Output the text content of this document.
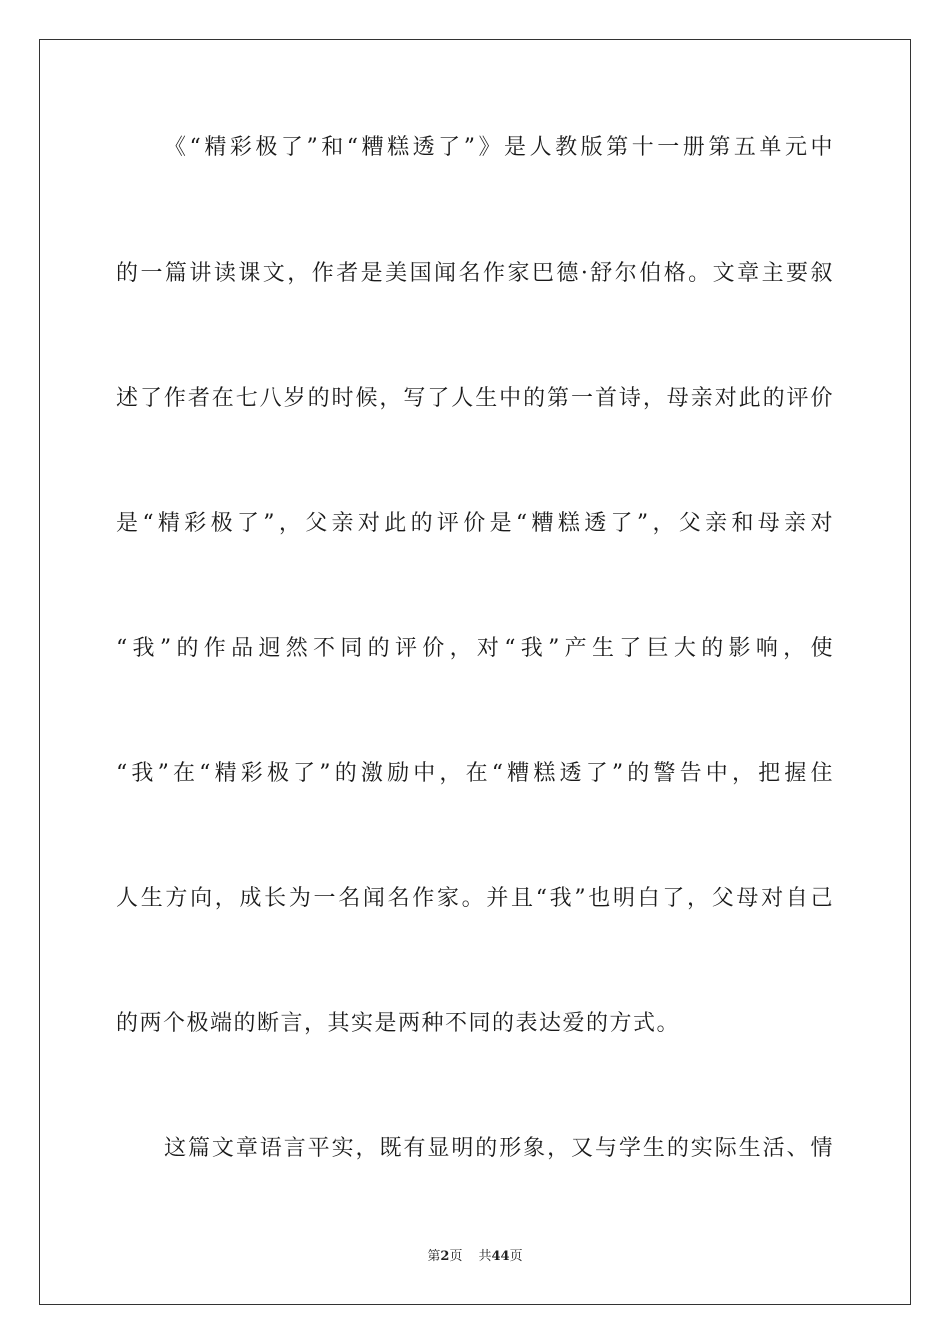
《“精彩极了”和“糟糕透了”》是人教版第十一册第五单元中
的一篇讲读课文，作者是美国闻名作家巴德·舒尔伯格。文章主要叙
述了作者在七八岁的时候，写了人生中的第一首诗，母亲对此的评价
是“精彩极了”，父亲对此的评价是“糟糕透了”，父亲和母亲对
“我”的作品迥然不同的评价，对“我”产生了巨大的影响，使
“我”在“精彩极了”的激励中，在“糟糕透了”的警告中，把握住
人生方向，成长为一名闻名作家。并且“我”也明白了，父母对自己
的两个极端的断言，其实是两种不同的表达爱的方式。
这篇文章语言平实，既有显明的形象，又与学生的实际生活、情
第2页 共44页
